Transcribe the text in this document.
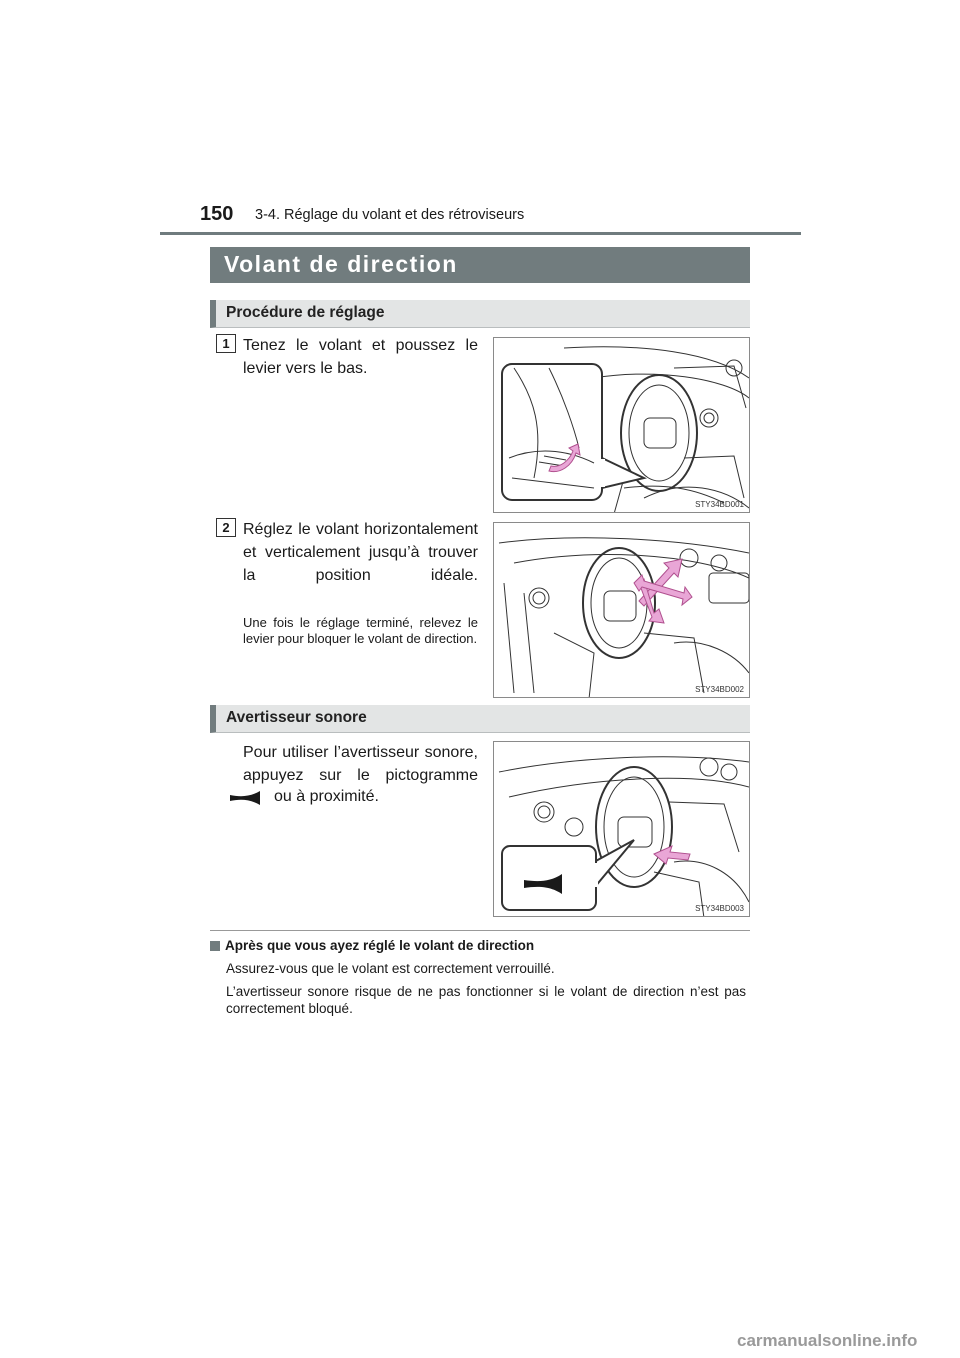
150 3-4. Réglage du volant et des rétroviseurs
Volant de direction
Procédure de réglage
1 Tenez le volant et poussez le levier vers le bas.
STY34BD001
2 Réglez le volant horizontalement et verticalement jusqu’à trouver la position idéale.
Une fois le réglage terminé, relevez le levier pour bloquer le volant de direction.
STY34BD002
Avertisseur sonore
Pour utiliser l’avertisseur sonore, appuyez sur le pictogramme
ou à proximité.
STY34BD003
Après que vous ayez réglé le volant de direction
Assurez-vous que le volant est correctement verrouillé.
L’avertisseur sonore risque de ne pas fonctionner si le volant de direction n’est pas correctement bloqué.
carmanualsonline.info
